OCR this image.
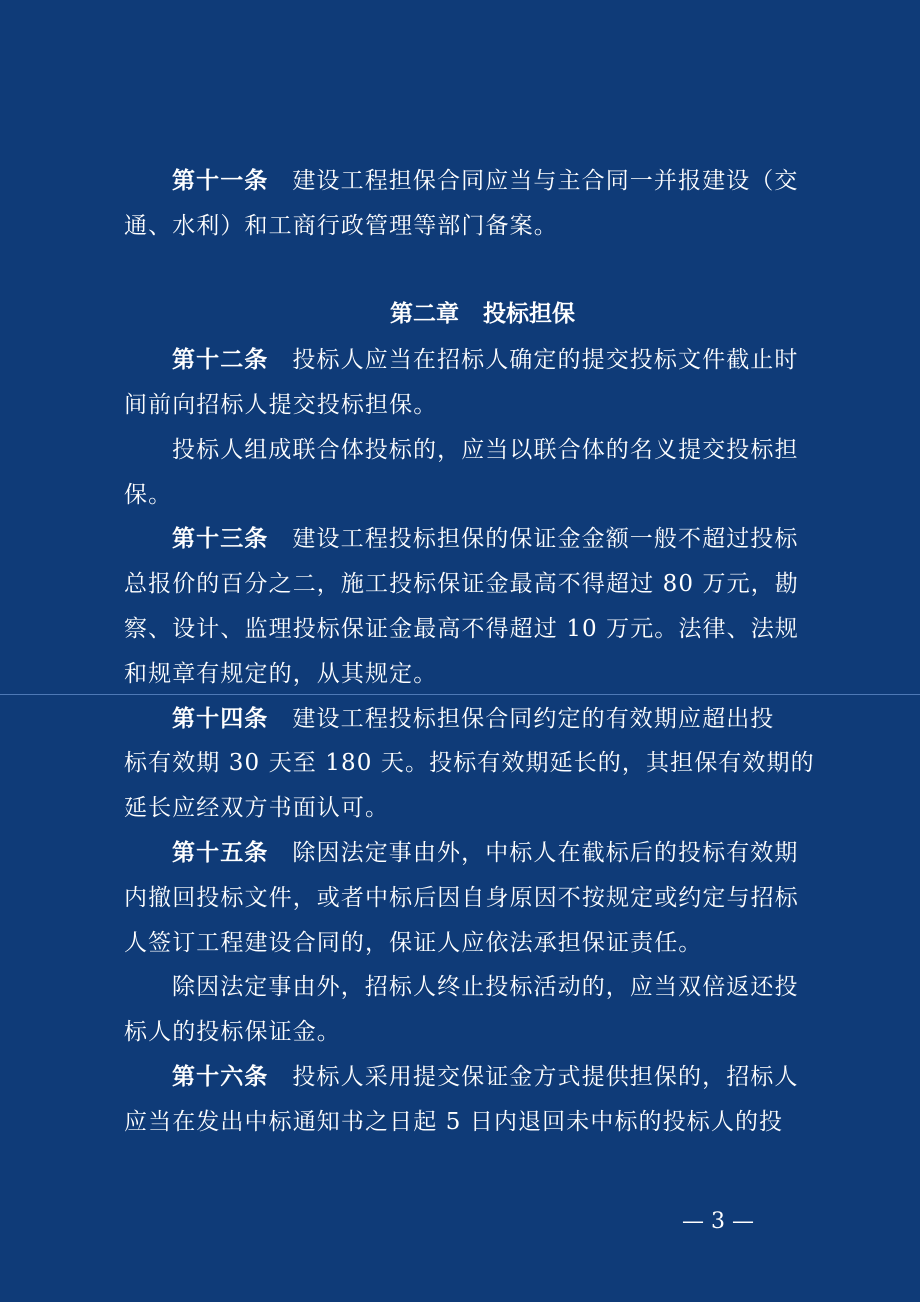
第十一条 建设工程担保合同应当与主合同一并报建设（交
通、水利）和工商行政管理等部门备案。
第二章 投标担保
第十二条 投标人应当在招标人确定的提交投标文件截止时
间前向招标人提交投标担保。
投标人组成联合体投标的，应当以联合体的名义提交投标担
保。
第十三条 建设工程投标担保的保证金金额一般不超过投标
总报价的百分之二，施工投标保证金最高不得超过 80 万元，勘
察、设计、监理投标保证金最高不得超过 10 万元。法律、法规
和规章有规定的，从其规定。
第十四条 建设工程投标担保合同约定的有效期应超出投
标有效期 30 天至 180 天。投标有效期延长的，其担保有效期的
延长应经双方书面认可。
第十五条 除因法定事由外，中标人在截标后的投标有效期
内撤回投标文件，或者中标后因自身原因不按规定或约定与招标
人签订工程建设合同的，保证人应依法承担保证责任。
除因法定事由外，招标人终止投标活动的，应当双倍返还投
标人的投标保证金。
第十六条 投标人采用提交保证金方式提供担保的，招标人
应当在发出中标通知书之日起 5 日内退回未中标的投标人的投
— 3 —
